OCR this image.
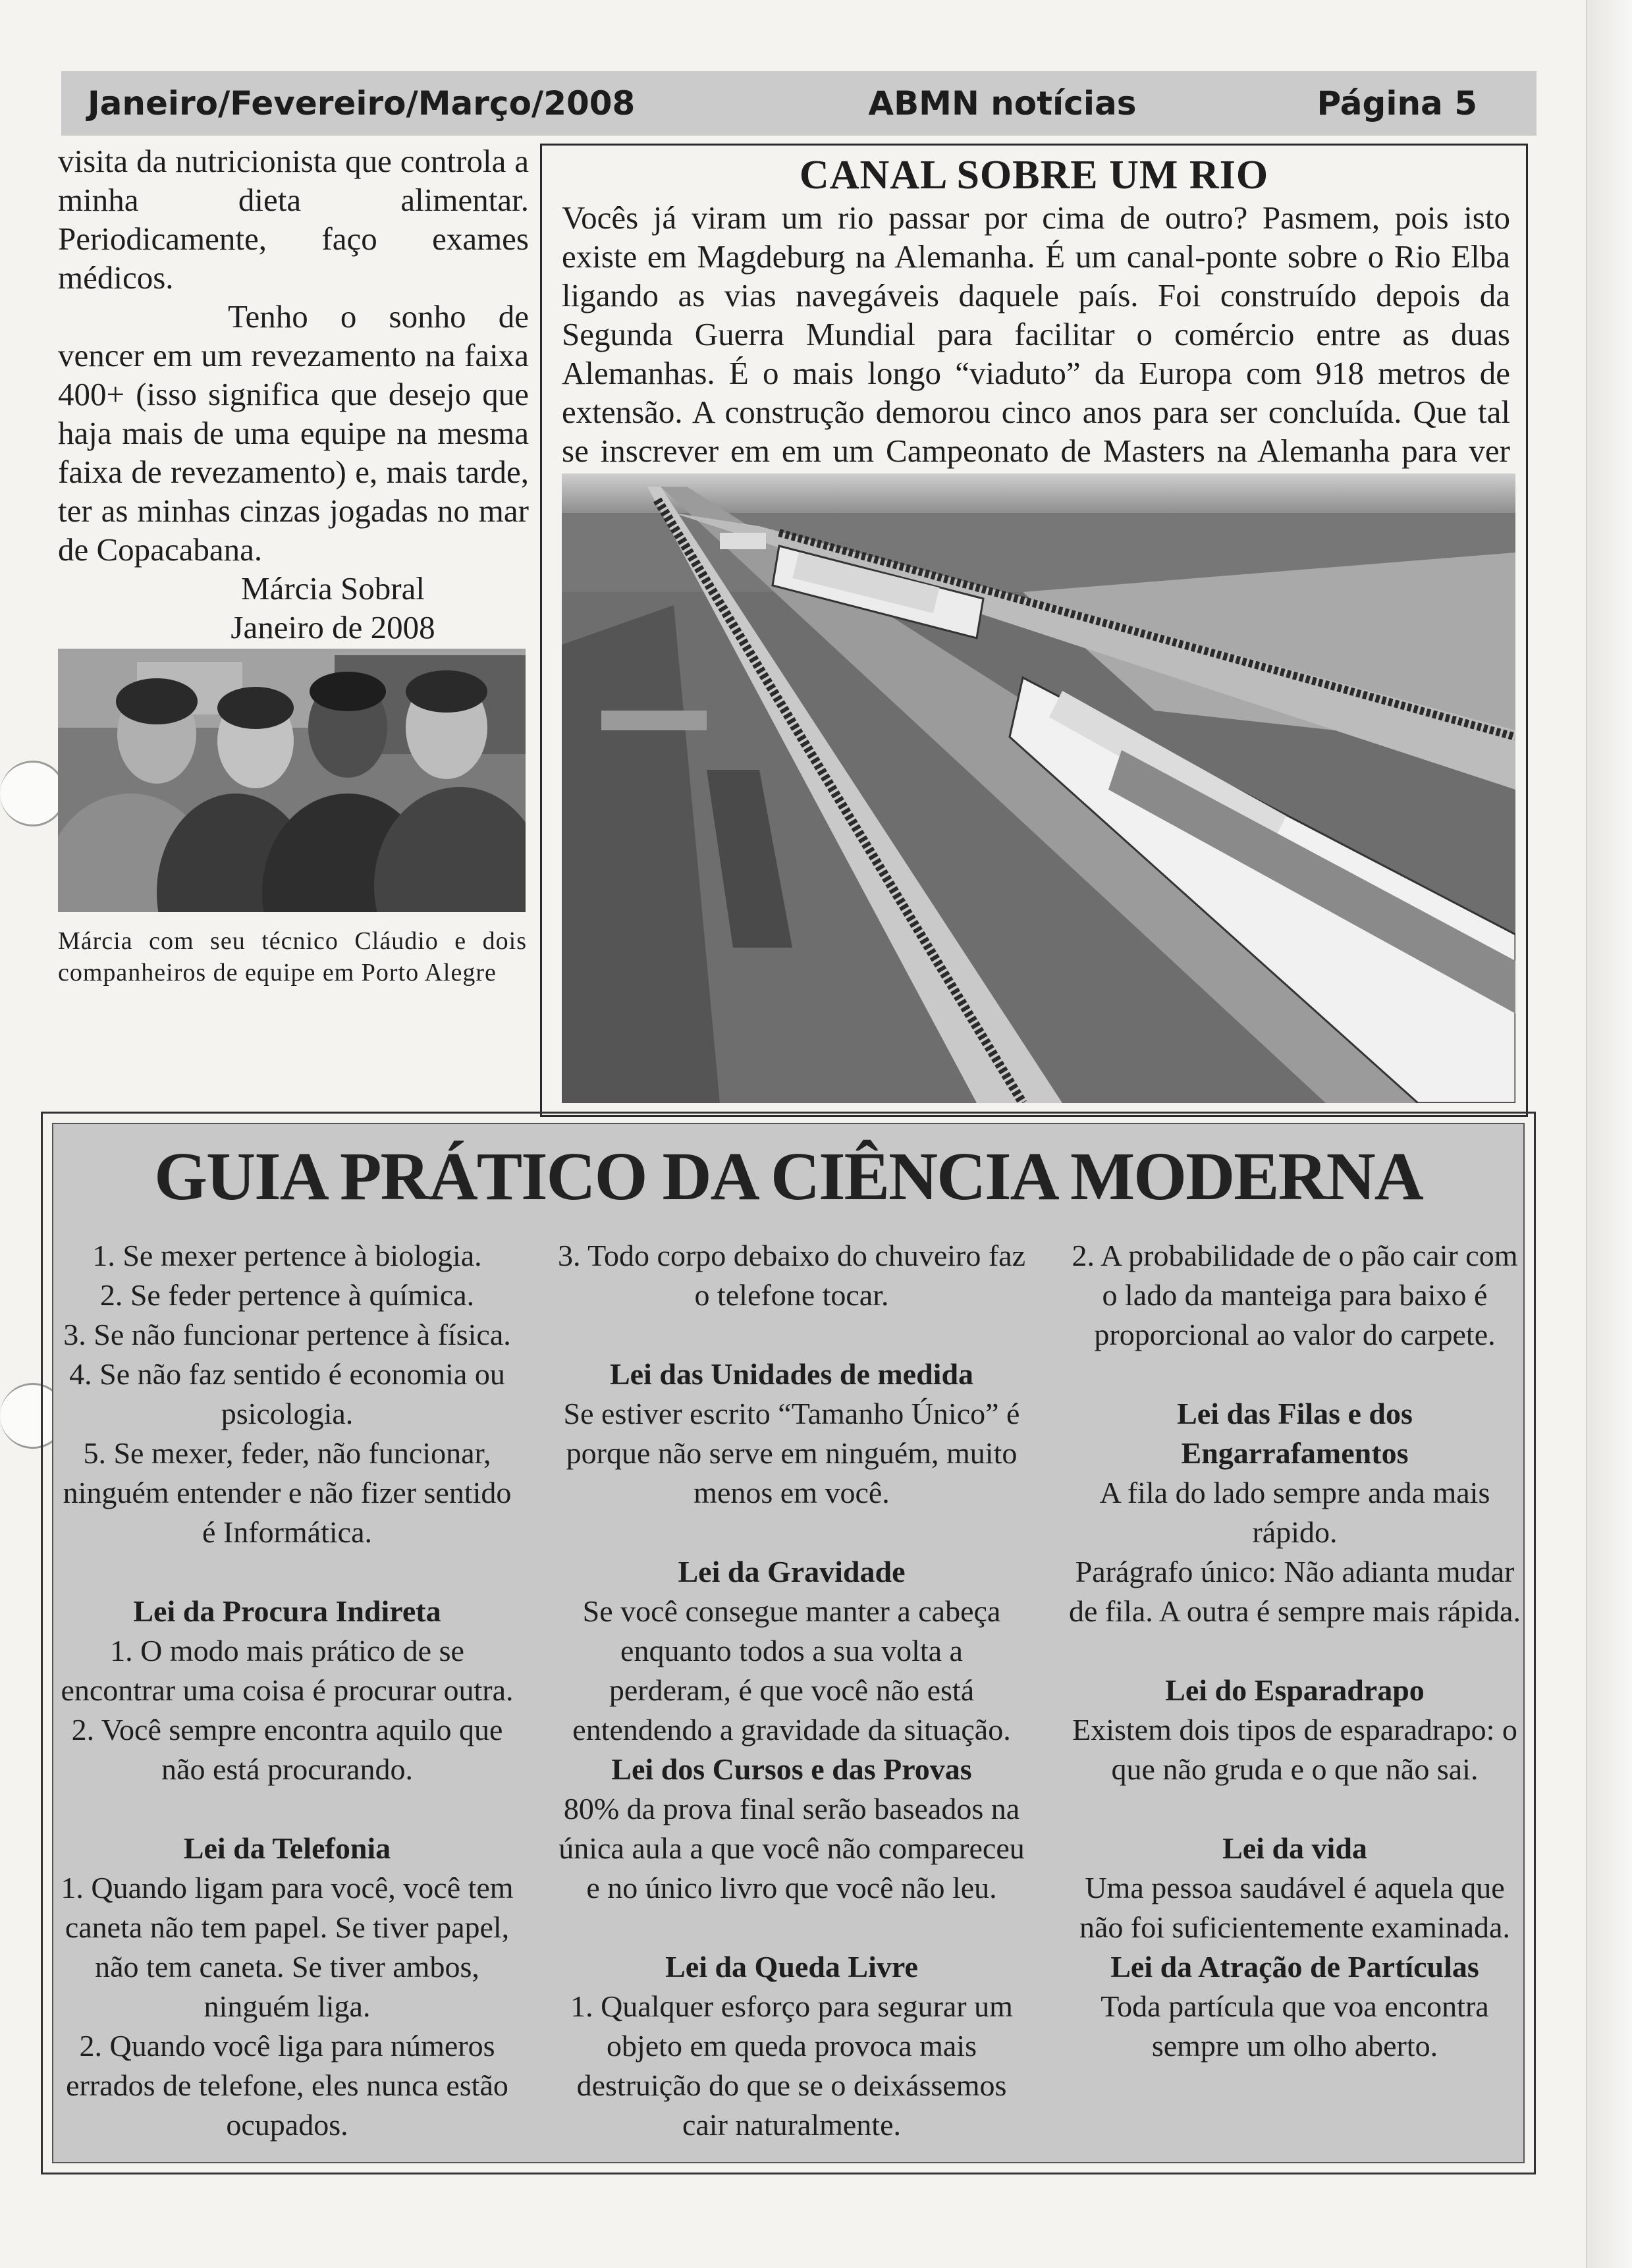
Janeiro/Fevereiro/Março/2008	ABMN notícias	Página 5

visita da nutricionista que controla a minha dieta alimentar. Periodicamente, faço exames médicos.

Tenho o sonho de vencer em um revezamento na faixa 400+ (isso significa que desejo que haja mais de uma equipe na mesma faixa de revezamento) e, mais tarde, ter as minhas cinzas jogadas no mar de Copacabana.

Márcia Sobral

Janeiro de 2008

Márcia com seu técnico Cláudio e dois companheiros de equipe em Porto Alegre
CANAL SOBRE UM RIO
Vocês já viram um rio passar por cima de outro? Pasmem, pois isto existe em Magdeburg na Alemanha. É um canal-ponte sobre o Rio Elba ligando as vias navegáveis daquele país. Foi construído depois da Segunda Guerra Mundial para facilitar o comércio entre as duas Alemanhas. É o mais longo “viaduto” da Europa com 918 metros de extensão. A construção demorou cinco anos para ser concluída. Que tal se inscrever em em um Campeonato de Masters na Alemanha para ver
GUIA PRÁTICO DA CIÊNCIA MODERNA
1. Se mexer pertence à biologia.
2. Se feder pertence à química.
3. Se não funcionar pertence à física.
4. Se não faz sentido é economia ou psicologia.
5. Se mexer, feder, não funcionar, ninguém entender e não fizer sentido é Informática.
Lei da Procura Indireta
1. O modo mais prático de se encontrar uma coisa é procurar outra.
2. Você sempre encontra aquilo que não está procurando.
Lei da Telefonia
1. Quando ligam para você, você tem caneta não tem papel. Se tiver papel, não tem caneta. Se tiver ambos, ninguém liga.
2. Quando você liga para números errados de telefone, eles nunca estão ocupados.
3. Todo corpo debaixo do chuveiro faz o telefone tocar.
Lei das Unidades de medida
Se estiver escrito “Tamanho Único” é porque não serve em ninguém, muito menos em você.
Lei da Gravidade
Se você consegue manter a cabeça enquanto todos a sua volta a perderam, é que você não está entendendo a gravidade da situação.
Lei dos Cursos e das Provas
80% da prova final serão baseados na única aula a que você não compareceu e no único livro que você não leu.
Lei da Queda Livre
1. Qualquer esforço para segurar um objeto em queda provoca mais destruição do que se o deixássemos cair naturalmente.
2. A probabilidade de o pão cair com o lado da manteiga para baixo é proporcional ao valor do carpete.
Lei das Filas e dos Engarrafamentos
A fila do lado sempre anda mais rápido.
Parágrafo único: Não adianta mudar de fila. A outra é sempre mais rápida.
Lei do Esparadrapo
Existem dois tipos de esparadrapo: o que não gruda e o que não sai.
Lei da vida
Uma pessoa saudável é aquela que não foi suficientemente examinada.
Lei da Atração de Partículas
Toda partícula que voa encontra sempre um olho aberto.
